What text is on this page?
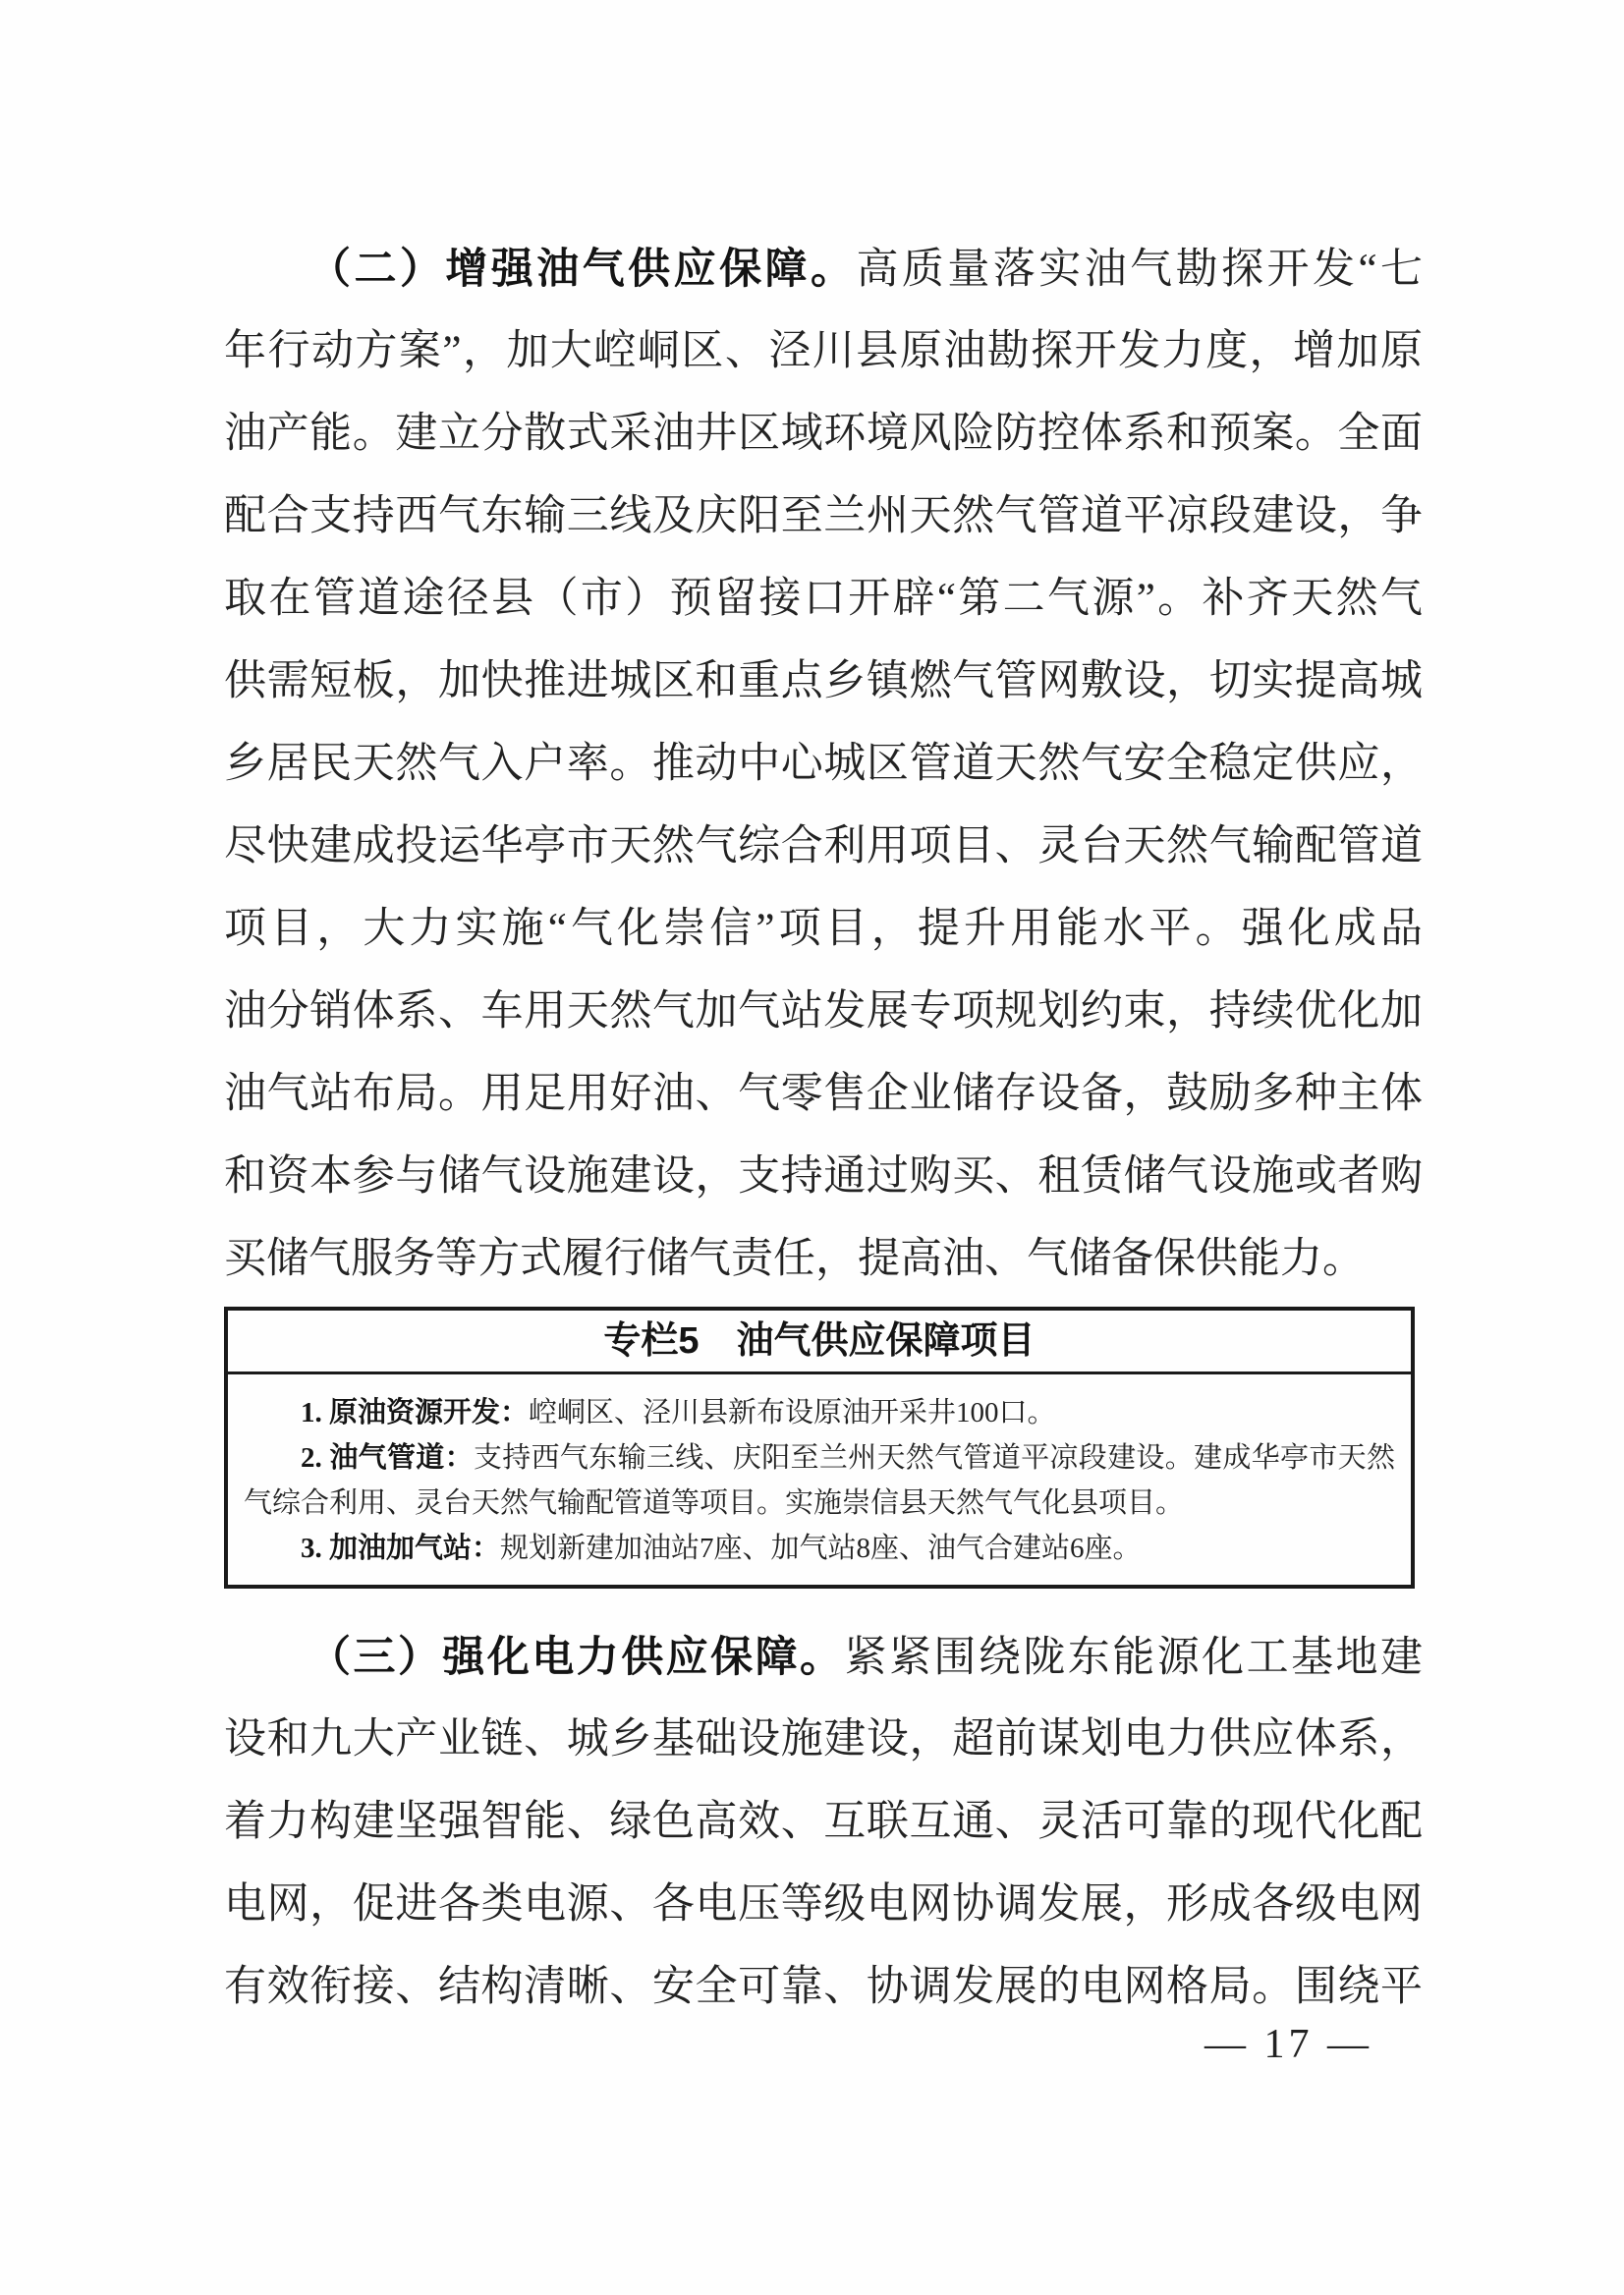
（二）增强油气供应保障。高质量落实油气勘探开发“七
年行动方案”，加大崆峒区、泾川县原油勘探开发力度，增加原
油产能。建立分散式采油井区域环境风险防控体系和预案。全面
配合支持西气东输三线及庆阳至兰州天然气管道平凉段建设，争
取在管道途径县（市）预留接口开辟“第二气源”。补齐天然气
供需短板，加快推进城区和重点乡镇燃气管网敷设，切实提高城
乡居民天然气入户率。推动中心城区管道天然气安全稳定供应，
尽快建成投运华亭市天然气综合利用项目、灵台天然气输配管道
项目，大力实施“气化崇信”项目，提升用能水平。强化成品
油分销体系、车用天然气加气站发展专项规划约束，持续优化加
油气站布局。用足用好油、气零售企业储存设备，鼓励多种主体
和资本参与储气设施建设，支持通过购买、租赁储气设施或者购
买储气服务等方式履行储气责任，提高油、气储备保供能力。
专栏5　油气供应保障项目
1. 原油资源开发：崆峒区、泾川县新布设原油开采井100口。
2. 油气管道：支持西气东输三线、庆阳至兰州天然气管道平凉段建设。建成华亭市天然
气综合利用、灵台天然气输配管道等项目。实施崇信县天然气气化县项目。
3. 加油加气站：规划新建加油站7座、加气站8座、油气合建站6座。
（三）强化电力供应保障。紧紧围绕陇东能源化工基地建
设和九大产业链、城乡基础设施建设，超前谋划电力供应体系，
着力构建坚强智能、绿色高效、互联互通、灵活可靠的现代化配
电网，促进各类电源、各电压等级电网协调发展，形成各级电网
有效衔接、结构清晰、安全可靠、协调发展的电网格局。围绕平
— 17 —
